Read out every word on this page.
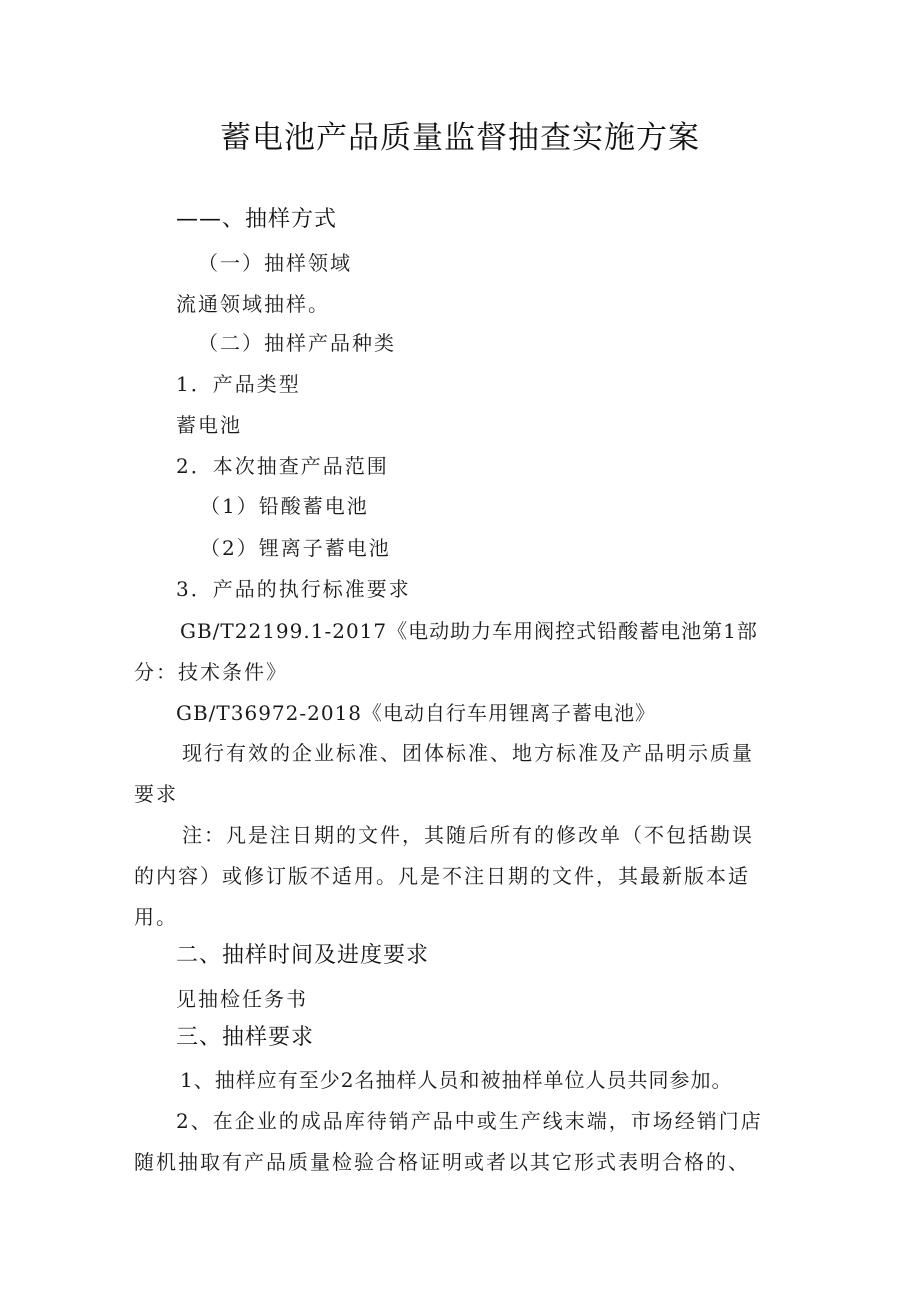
蓄电池产品质量监督抽查实施方案
——、抽样方式
（一）抽样领域
流通领域抽样。
（二）抽样产品种类
1．产品类型
蓄电池
2．本次抽查产品范围
（1）铅酸蓄电池
（2）锂离子蓄电池
3．产品的执行标准要求
GB/T22199.1-2017《电动助力车用阀控式铅酸蓄电池第1部
分：技术条件》
GB/T36972-2018《电动自行车用锂离子蓄电池》
现行有效的企业标准、团体标准、地方标准及产品明示质量
要求
注：凡是注日期的文件，其随后所有的修改单（不包括勘误
的内容）或修订版不适用。凡是不注日期的文件，其最新版本适
用。
二、抽样时间及进度要求
见抽检任务书
三、抽样要求
1、抽样应有至少2名抽样人员和被抽样单位人员共同参加。
2、在企业的成品库待销产品中或生产线末端，市场经销门店
随机抽取有产品质量检验合格证明或者以其它形式表明合格的、
